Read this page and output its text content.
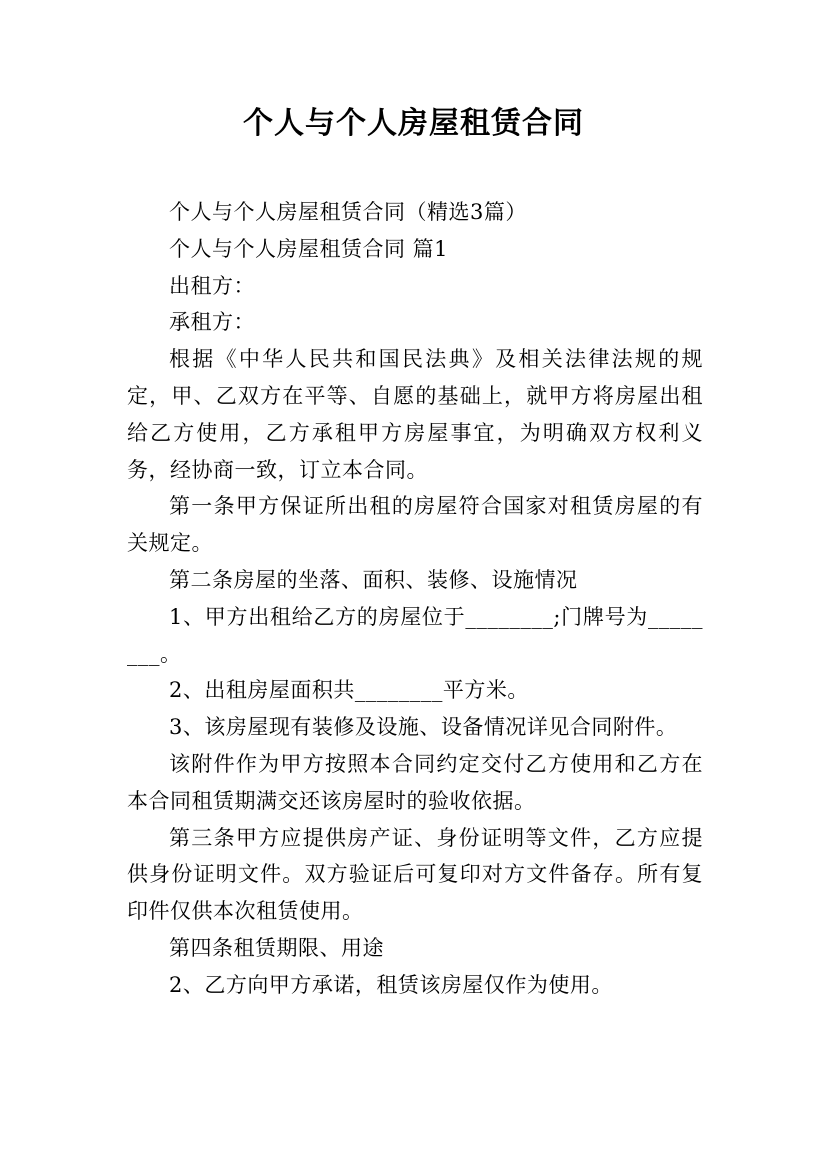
个人与个人房屋租赁合同

个人与个人房屋租赁合同（精选3篇）

个人与个人房屋租赁合同 篇1

出租方：

承租方：

根据《中华人民共和国民法典》及相关法律法规的规定，甲、乙双方在平等、自愿的基础上，就甲方将房屋出租给乙方使用，乙方承租甲方房屋事宜，为明确双方权利义务，经协商一致，订立本合同。

第一条甲方保证所出租的房屋符合国家对租赁房屋的有关规定。

第二条房屋的坐落、面积、装修、设施情况

1、甲方出租给乙方的房屋位于________;门牌号为________。

2、出租房屋面积共________平方米。

3、该房屋现有装修及设施、设备情况详见合同附件。

该附件作为甲方按照本合同约定交付乙方使用和乙方在本合同租赁期满交还该房屋时的验收依据。

第三条甲方应提供房产证、身份证明等文件，乙方应提供身份证明文件。双方验证后可复印对方文件备存。所有复印件仅供本次租赁使用。

第四条租赁期限、用途

2、乙方向甲方承诺，租赁该房屋仅作为使用。
